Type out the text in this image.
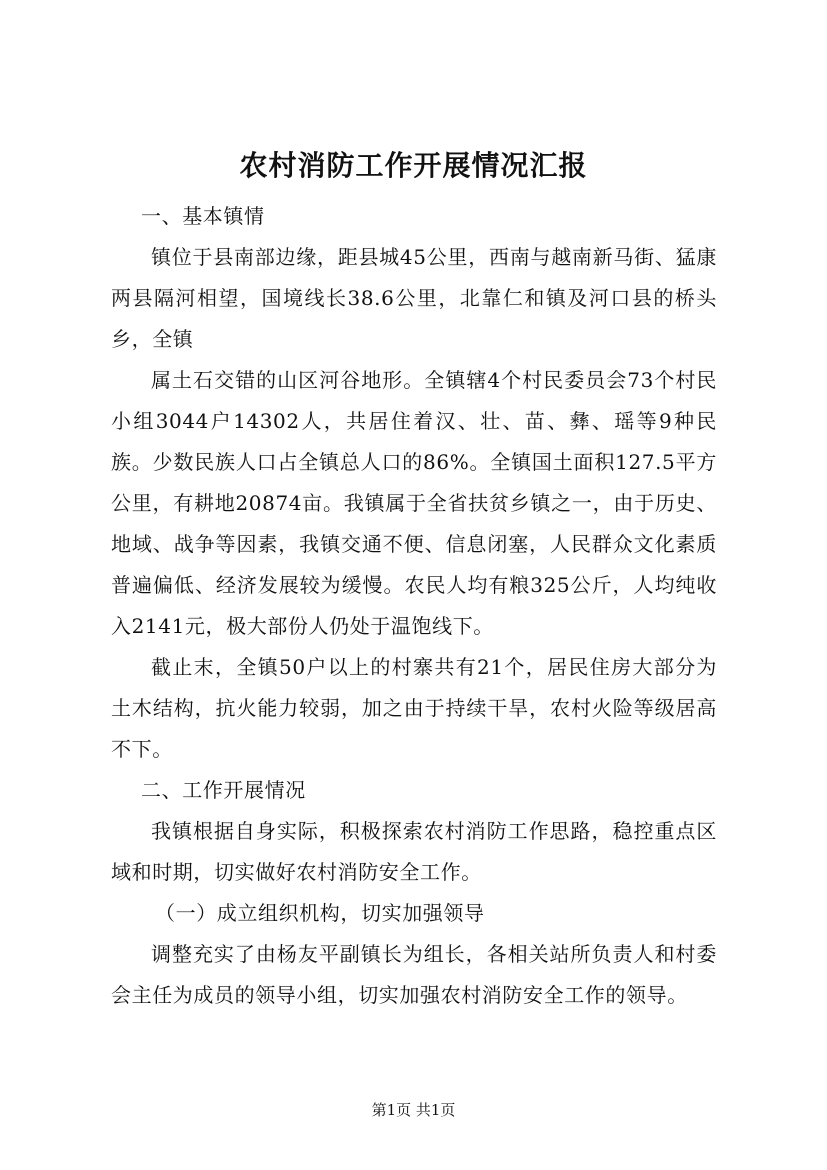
农村消防工作开展情况汇报

一、基本镇情

镇位于县南部边缘，距县城45公里，西南与越南新马街、猛康两县隔河相望，国境线长38.6公里，北靠仁和镇及河口县的桥头乡，全镇

属土石交错的山区河谷地形。全镇辖4个村民委员会73个村民小组3044户14302人，共居住着汉、壮、苗、彝、瑶等9种民族。少数民族人口占全镇总人口的86%。全镇国土面积127.5平方公里，有耕地20874亩。我镇属于全省扶贫乡镇之一，由于历史、地域、战争等因素，我镇交通不便、信息闭塞，人民群众文化素质普遍偏低、经济发展较为缓慢。农民人均有粮325公斤，人均纯收入2141元，极大部份人仍处于温饱线下。

截止末，全镇50户以上的村寨共有21个，居民住房大部分为土木结构，抗火能力较弱，加之由于持续干旱，农村火险等级居高不下。

二、工作开展情况

我镇根据自身实际，积极探索农村消防工作思路，稳控重点区域和时期，切实做好农村消防安全工作。

（一）成立组织机构，切实加强领导

调整充实了由杨友平副镇长为组长，各相关站所负责人和村委会主任为成员的领导小组，切实加强农村消防安全工作的领导。

第1页 共1页
